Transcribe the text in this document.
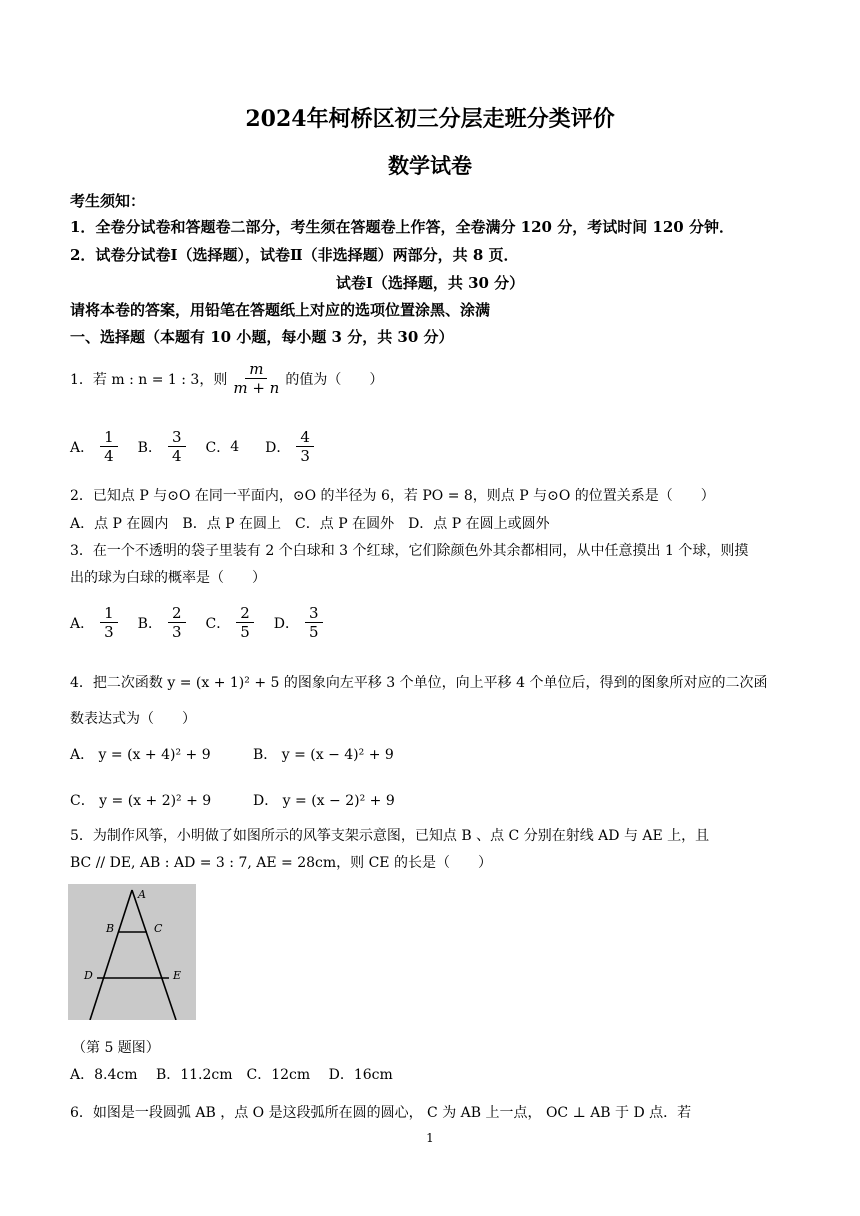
2024年柯桥区初三分层走班分类评价
数学试卷
考生须知：
1．全卷分试卷和答题卷二部分，考生须在答题卷上作答，全卷满分 120 分，考试时间 120 分钟．
2．试卷分试卷Ⅰ（选择题），试卷Ⅱ（非选择题）两部分，共 8 页．
试卷Ⅰ（选择题，共 30 分）
请将本卷的答案，用铅笔在答题纸上对应的选项位置涂黑、涂满
一、选择题（本题有 10 小题，每小题 3 分，共 30 分）
1．若 m : n = 1 : 3，则 $\frac{m}{m + n}$ 的值为（　　）
A． $\frac{1}{4}$ B． $\frac{3}{4}$ C． 4 D． $\frac{4}{3}$
2．已知点 P 与⊙O 在同一平面内，⊙O 的半径为 6，若 PO = 8，则点 P 与⊙O 的位置关系是（　　）
A．点 P 在圆内　B．点 P 在圆上　C．点 P 在圆外　D．点 P 在圆上或圆外
3．在一个不透明的袋子里装有 2 个白球和 3 个红球，它们除颜色外其余都相同，从中任意摸出 1 个球，则摸
出的球为白球的概率是（　　）
A． $\frac{1}{3}$ B． $\frac{2}{3}$ C． $\frac{2}{5}$ D． $\frac{3}{5}$
4．把二次函数 y = (x + 1)² + 5 的图象向左平移 3 个单位，向上平移 4 个单位后，得到的图象所对应的二次函
数表达式为（　　）
A． y = (x + 4)² + 9	B． y = (x − 4)² + 9
C． y = (x + 2)² + 9	D． y = (x − 2)² + 9
5．为制作风筝，小明做了如图所示的风筝支架示意图，已知点 B 、点 C 分别在射线 AD 与 AE 上，且
BC // DE, AB : AD = 3 : 7, AE = 28cm，则 CE 的长是（　　）
A
B	C
D	E
（第 5 题图）
A．8.4cm　 B．11.2cm　C．12cm　 D．16cm
6．如图是一段圆弧 AB ，点 O 是这段弧所在圆的圆心， C 为 AB 上一点， OC ⊥ AB 于 D 点．若
1
